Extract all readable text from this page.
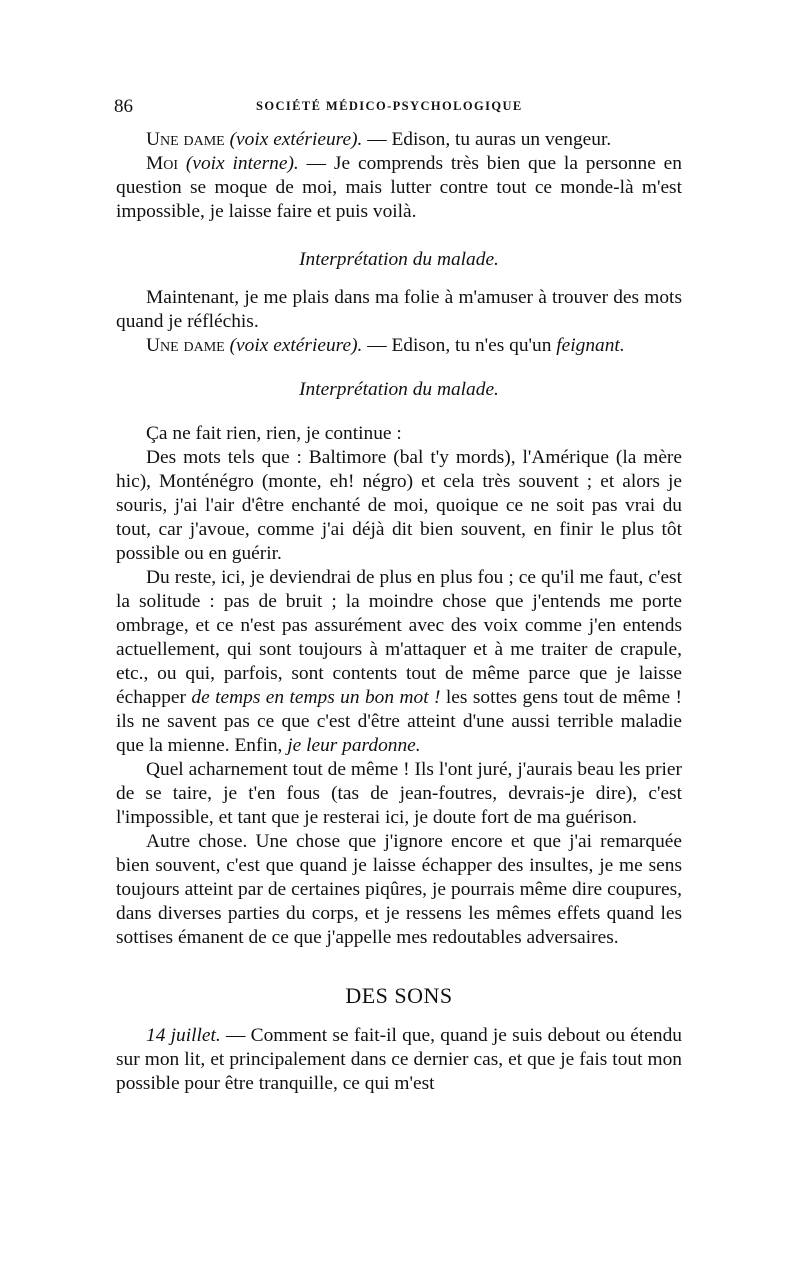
86	SOCIÉTÉ MÉDICO-PSYCHOLOGIQUE

Une dame (voix extérieure). — Edison, tu auras un vengeur.

Moi (voix interne). — Je comprends très bien que la personne en question se moque de moi, mais lutter contre tout ce monde-là m'est impossible, je laisse faire et puis voilà.

Interprétation du malade.

Maintenant, je me plais dans ma folie à m'amuser à trouver des mots quand je réfléchis.

Une dame (voix extérieure). — Edison, tu n'es qu'un feignant.

Interprétation du malade.

Ça ne fait rien, rien, je continue :

Des mots tels que : Baltimore (bal t'y mords), l'Amérique (la mère hic), Monténégro (monte, eh! négro) et cela très souvent ; et alors je souris, j'ai l'air d'être enchanté de moi, quoique ce ne soit pas vrai du tout, car j'avoue, comme j'ai déjà dit bien souvent, en finir le plus tôt possible ou en guérir.

Du reste, ici, je deviendrai de plus en plus fou ; ce qu'il me faut, c'est la solitude : pas de bruit ; la moindre chose que j'entends me porte ombrage, et ce n'est pas assurément avec des voix comme j'en entends actuellement, qui sont toujours à m'attaquer et à me traiter de crapule, etc., ou qui, parfois, sont contents tout de même parce que je laisse échapper de temps en temps un bon mot ! les sottes gens tout de même ! ils ne savent pas ce que c'est d'être atteint d'une aussi terrible maladie que la mienne. Enfin, je leur pardonne.

Quel acharnement tout de même ! Ils l'ont juré, j'aurais beau les prier de se taire, je t'en fous (tas de jean-foutres, devrais-je dire), c'est l'impossible, et tant que je resterai ici, je doute fort de ma guérison.

Autre chose. Une chose que j'ignore encore et que j'ai remarquée bien souvent, c'est que quand je laisse échapper des insultes, je me sens toujours atteint par de certaines piqûres, je pourrais même dire coupures, dans diverses parties du corps, et je ressens les mêmes effets quand les sottises émanent de ce que j'appelle mes redoutables adversaires.

DES SONS

14 juillet. — Comment se fait-il que, quand je suis debout ou étendu sur mon lit, et principalement dans ce dernier cas, et que je fais tout mon possible pour être tranquille, ce qui m'est
